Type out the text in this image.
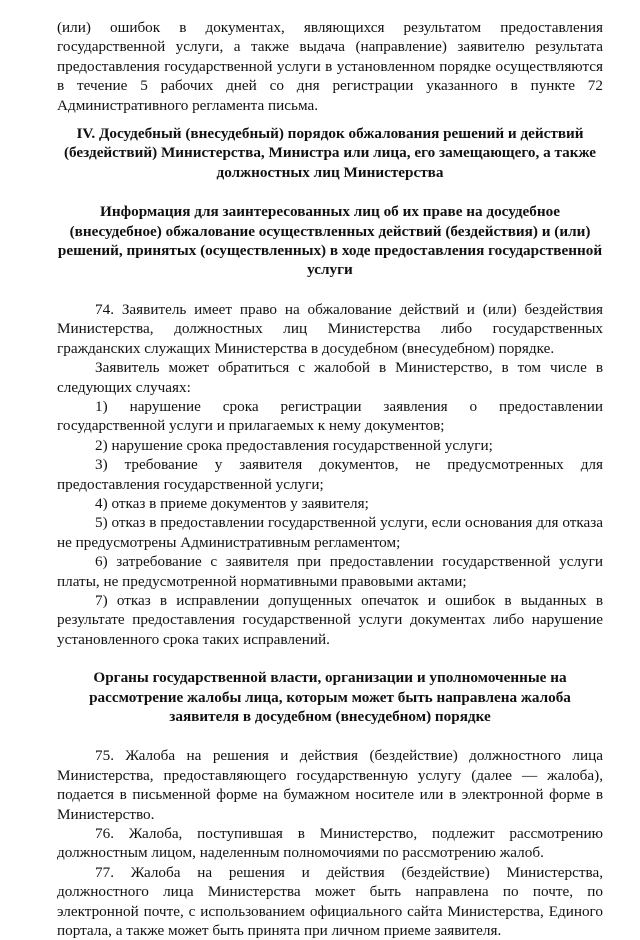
(или) ошибок в документах, являющихся результатом предоставления государственной услуги, а также выдача (направление) заявителю результата предоставления государственной услуги в установленном порядке осуществляются в течение 5 рабочих дней со дня регистрации указанного в пункте 72 Административного регламента письма.

IV. Досудебный (внесудебный) порядок обжалования решений и действий (бездействий) Министерства, Министра или лица, его замещающего, а также должностных лиц Министерства

Информация для заинтересованных лиц об их праве на досудебное (внесудебное) обжалование осуществленных действий (бездействия) и (или) решений, принятых (осуществленных) в ходе предоставления государственной услуги

74. Заявитель имеет право на обжалование действий и (или) бездействия Министерства, должностных лиц Министерства либо государственных гражданских служащих Министерства в досудебном (внесудебном) порядке.

Заявитель может обратиться с жалобой в Министерство, в том числе в следующих случаях:

1) нарушение срока регистрации заявления о предоставлении государственной услуги и прилагаемых к нему документов;

2) нарушение срока предоставления государственной услуги;

3) требование у заявителя документов, не предусмотренных для предоставления государственной услуги;

4) отказ в приеме документов у заявителя;

5) отказ в предоставлении государственной услуги, если основания для отказа не предусмотрены Административным регламентом;

6) затребование с заявителя при предоставлении государственной услуги платы, не предусмотренной нормативными правовыми актами;

7) отказ в исправлении допущенных опечаток и ошибок в выданных в результате предоставления государственной услуги документах либо нарушение установленного срока таких исправлений.

Органы государственной власти, организации и уполномоченные на рассмотрение жалобы лица, которым может быть направлена жалоба заявителя в досудебном (внесудебном) порядке

75. Жалоба на решения и действия (бездействие) должностного лица Министерства, предоставляющего государственную услугу (далее — жалоба), подается в письменной форме на бумажном носителе или в электронной форме в Министерство.

76. Жалоба, поступившая в Министерство, подлежит рассмотрению должностным лицом, наделенным полномочиями по рассмотрению жалоб.

77. Жалоба на решения и действия (бездействие) Министерства, должностного лица Министерства может быть направлена по почте, по электронной почте, с использованием официального сайта Министерства, Единого портала, а также может быть принята при личном приеме заявителя.
